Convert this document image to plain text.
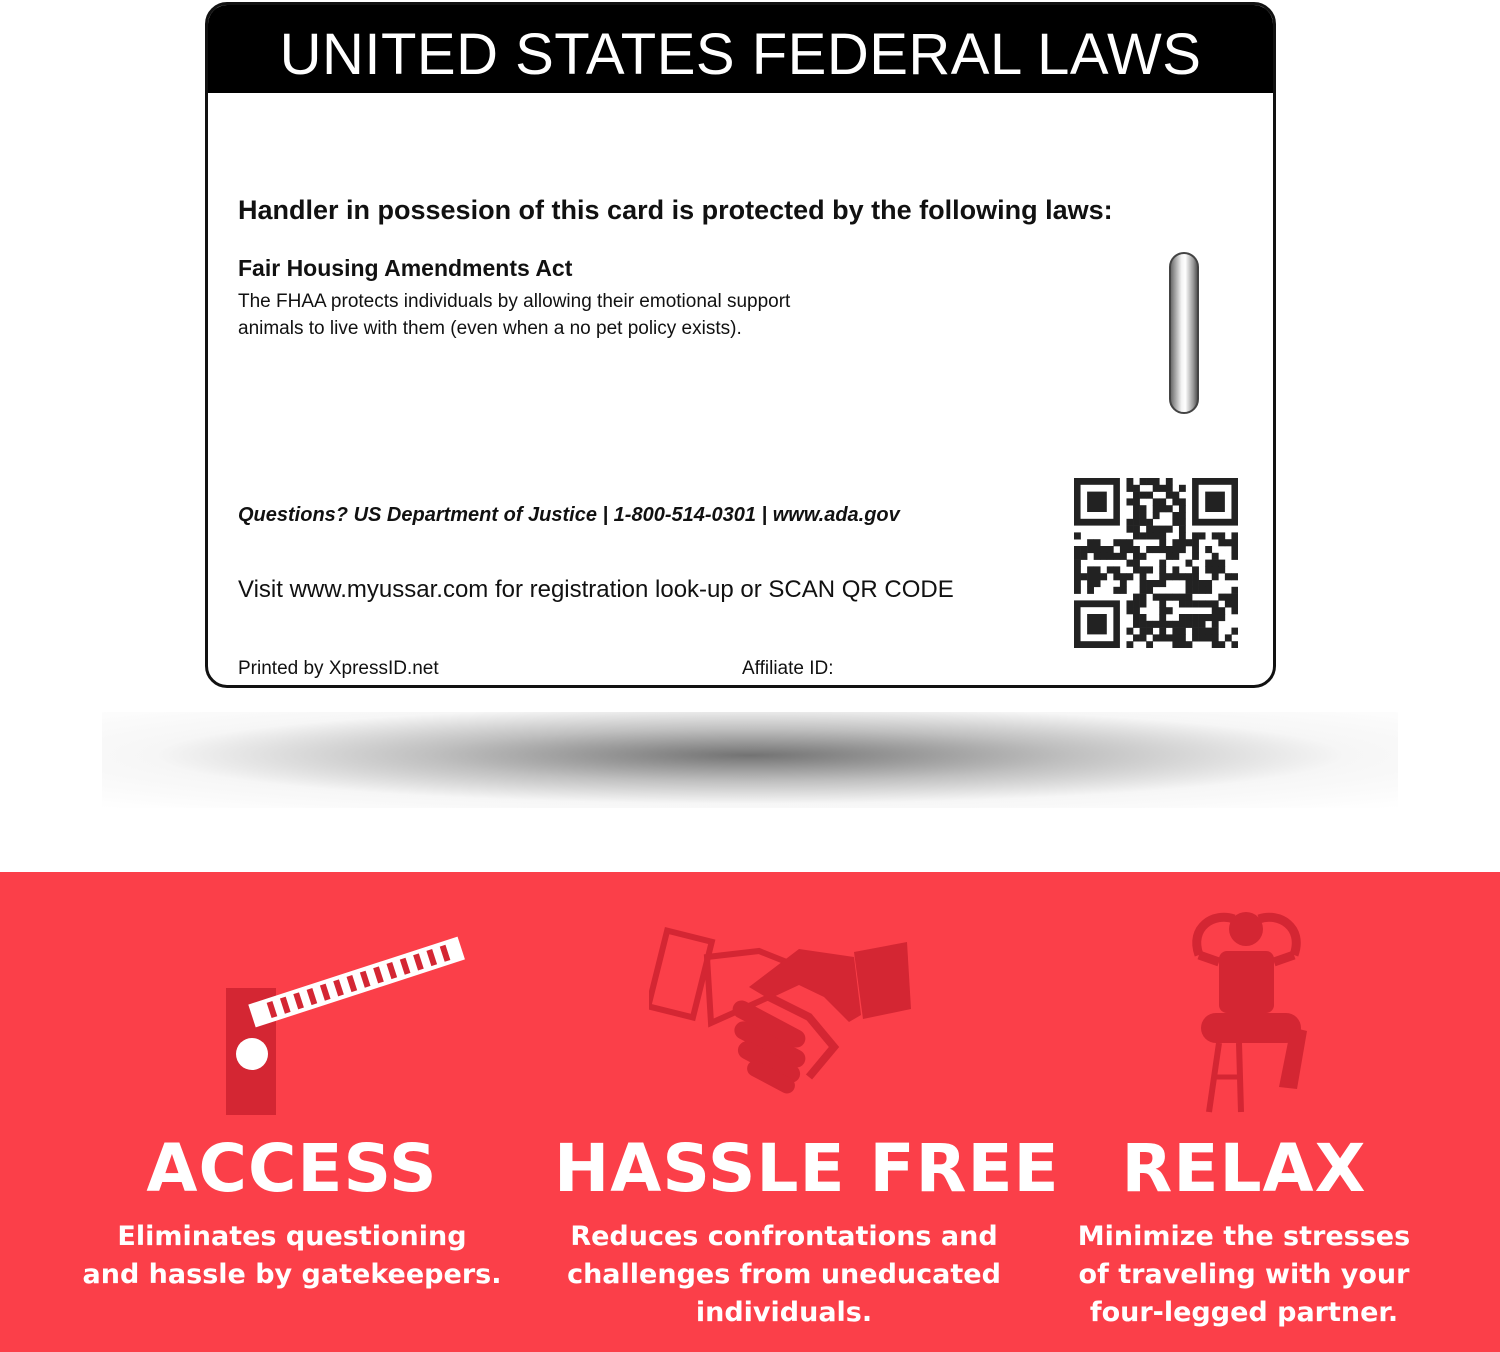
UNITED STATES FEDERAL LAWS
Handler in possesion of this card is protected by the following laws:
Fair Housing Amendments Act
The FHAA protects individuals by allowing their emotional support
animals to live with them (even when a no pet policy exists).
Questions? US Department of Justice | 1-800-514-0301 | www.ada.gov
Visit www.myussar.com for registration look-up or SCAN QR CODE
Printed by XpressID.net	Affiliate ID:
ACCESS
Eliminates questioning
and hassle by gatekeepers.
HASSLE FREE
Reduces confrontations and
challenges from uneducated
individuals.
RELAX
Minimize the stresses
of traveling with your
four-legged partner.
